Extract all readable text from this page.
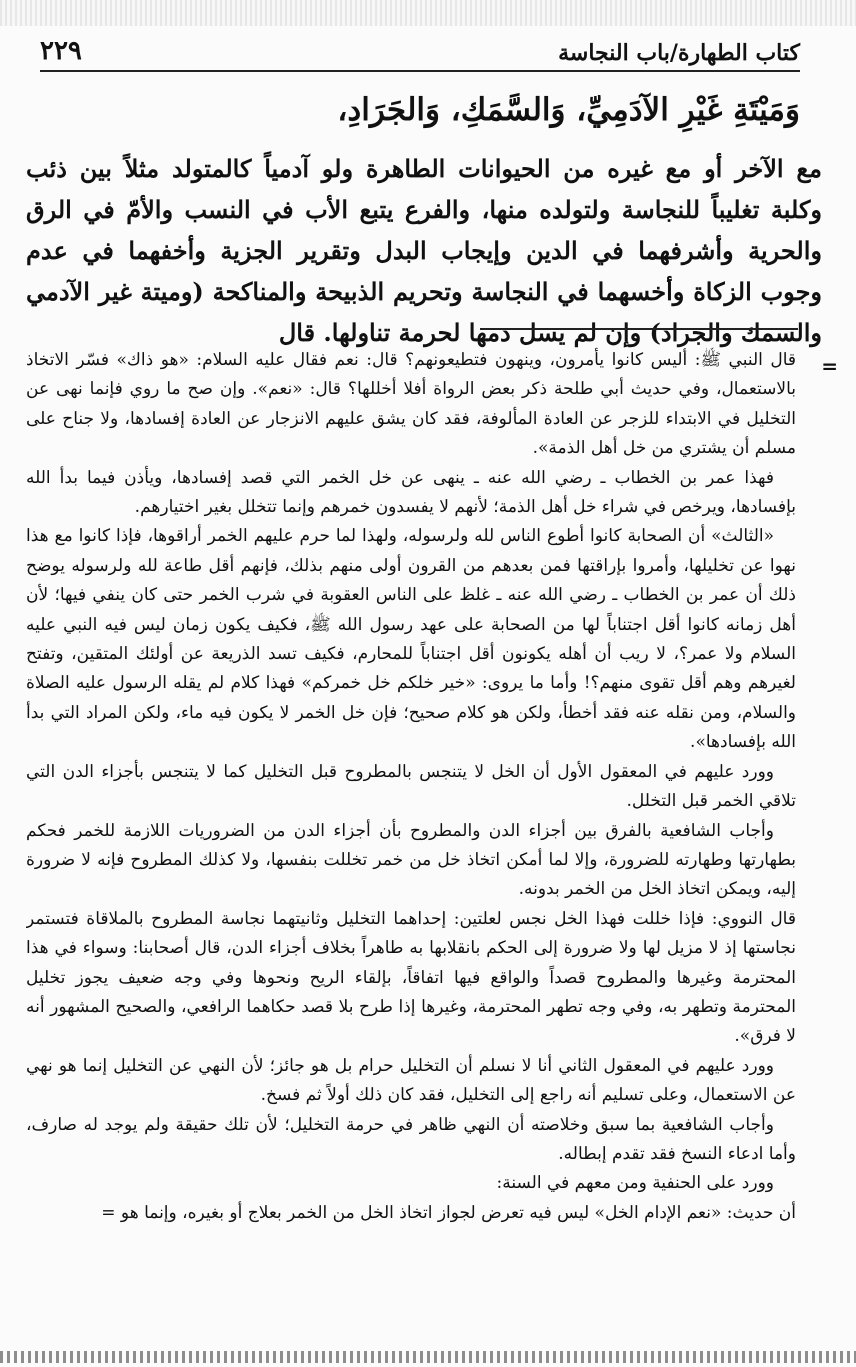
٢٢٩	كتاب الطهارة/باب النجاسة
وَمَيْتَةِ غَيْرِ الآدَمِيِّ، وَالسَّمَكِ، وَالجَرَادِ،
مع الآخر أو مع غيره من الحيوانات الطاهرة ولو آدمياً كالمتولد مثلاً بين ذئب وكلبة تغليباً للنجاسة ولتولده منها، والفرع يتبع الأب في النسب والأمّ في الرق والحرية وأشرفهما في الدين وإيجاب البدل وتقرير الجزية وأخفهما في عدم وجوب الزكاة وأخسهما في النجاسة وتحريم الذبيحة والمناكحة (وميتة غير الآدمي والسمك والجراد) وإن لم يسل دمها لحرمة تناولها. قال
=

قال النبي ﷺ: أليس كانوا يأمرون، وينهون فتطيعونهم؟ قال: نعم فقال عليه السلام: «هو ذاك» فسّر الاتخاذ بالاستعمال، وفي حديث أبي طلحة ذكر بعض الرواة أفلا أخللها؟ قال: «نعم». وإن صح ما روي فإنما نهى عن التخليل في الابتداء للزجر عن العادة المألوفة، فقد كان يشق عليهم الانزجار عن العادة إفسادها، ولا جناح على مسلم أن يشتري من خل أهل الذمة».

فهذا عمر بن الخطاب ـ رضي الله عنه ـ ينهى عن خل الخمر التي قصد إفسادها، ويأذن فيما بدأ الله بإفسادها، ويرخص في شراء خل أهل الذمة؛ لأنهم لا يفسدون خمرهم وإنما تتخلل بغير اختيارهم.

«الثالث» أن الصحابة كانوا أطوع الناس لله ولرسوله، ولهذا لما حرم عليهم الخمر أراقوها، فإذا كانوا مع هذا نهوا عن تخليلها، وأمروا بإراقتها فمن بعدهم من القرون أولى منهم بذلك، فإنهم أقل طاعة لله ولرسوله يوضح ذلك أن عمر بن الخطاب ـ رضي الله عنه ـ غلظ على الناس العقوبة في شرب الخمر حتى كان ينفي فيها؛ لأن أهل زمانه كانوا أقل اجتناباً لها من الصحابة على عهد رسول الله ﷺ، فكيف يكون زمان ليس فيه النبي عليه السلام ولا عمر؟، لا ريب أن أهله يكونون أقل اجتناباً للمحارم، فكيف تسد الذريعة عن أولئك المتقين، وتفتح لغيرهم وهم أقل تقوى منهم؟! وأما ما يروى: «خير خلكم خل خمركم» فهذا كلام لم يقله الرسول عليه الصلاة والسلام، ومن نقله عنه فقد أخطأ، ولكن هو كلام صحيح؛ فإن خل الخمر لا يكون فيه ماء، ولكن المراد التي بدأ الله بإفسادها».

وورد عليهم في المعقول الأول أن الخل لا يتنجس بالمطروح قبل التخليل كما لا يتنجس بأجزاء الدن التي تلاقي الخمر قبل التخلل.

وأجاب الشافعية بالفرق بين أجزاء الدن والمطروح بأن أجزاء الدن من الضروريات اللازمة للخمر فحكم بطهارتها وطهارته للضرورة، وإلا لما أمكن اتخاذ خل من خمر تخللت بنفسها، ولا كذلك المطروح فإنه لا ضرورة إليه، ويمكن اتخاذ الخل من الخمر بدونه.

قال النووي: فإذا خللت فهذا الخل نجس لعلتين: إحداهما التخليل وثانيتهما نجاسة المطروح بالملاقاة فتستمر نجاستها إذ لا مزيل لها ولا ضرورة إلى الحكم بانقلابها به طاهراً بخلاف أجزاء الدن، قال أصحابنا: وسواء في هذا المحترمة وغيرها والمطروح قصداً والواقع فيها اتفاقاً، بإلقاء الريح ونحوها وفي وجه ضعيف يجوز تخليل المحترمة وتطهر به، وفي وجه تطهر المحترمة، وغيرها إذا طرح بلا قصد حكاهما الرافعي، والصحيح المشهور أنه لا فرق».

وورد عليهم في المعقول الثاني أنا لا نسلم أن التخليل حرام بل هو جائز؛ لأن النهي عن التخليل إنما هو نهي عن الاستعمال، وعلى تسليم أنه راجع إلى التخليل، فقد كان ذلك أولاً ثم فسخ.

وأجاب الشافعية بما سبق وخلاصته أن النهي ظاهر في حرمة التخليل؛ لأن تلك حقيقة ولم يوجد له صارف، وأما ادعاء النسخ فقد تقدم إبطاله.

وورد على الحنفية ومن معهم في السنة:

أن حديث: «نعم الإدام الخل» ليس فيه تعرض لجواز اتخاذ الخل من الخمر بعلاج أو بغيره، وإنما هو =
